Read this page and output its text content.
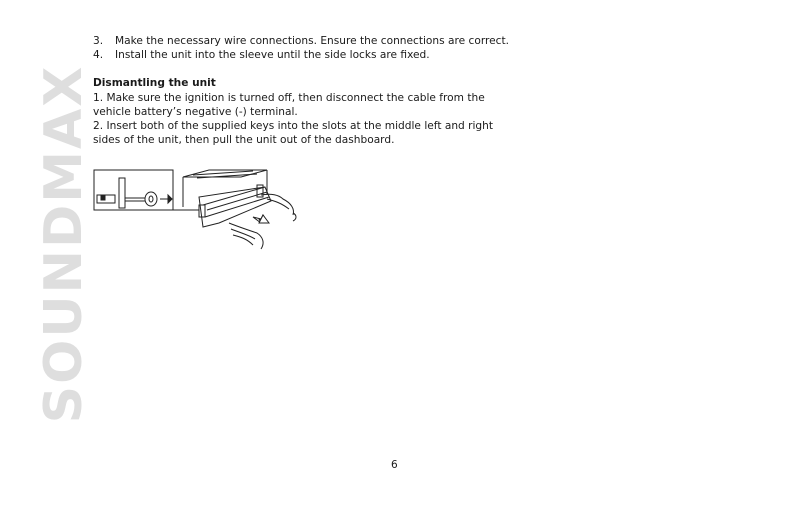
SOUNDMAX
3. Make the necessary wire connections. Ensure the connections are correct.
4. Install the unit into the sleeve until the side locks are fixed.
Dismantling the unit
1. Make sure the ignition is turned off, then disconnect the cable from the
vehicle battery’s negative (-) terminal.
2. Insert both of the supplied keys into the slots at the middle left and right
sides of the unit, then pull the unit out of the dashboard.
6
